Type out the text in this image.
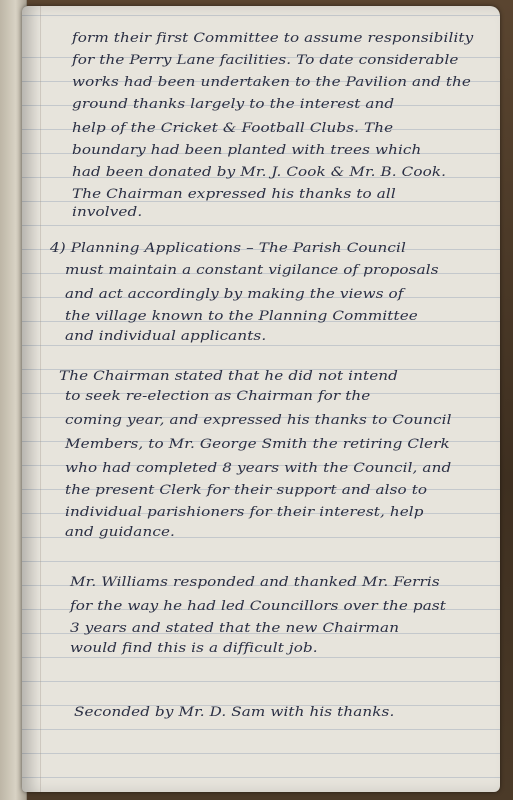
form their first Committee to assume responsibility
for the Perry Lane facilities. To date considerable
works had been undertaken to the Pavilion and the
ground thanks largely to the interest and
help of the Cricket & Football Clubs. The
boundary had been planted with trees which
had been donated by Mr. J. Cook & Mr. B. Cook.
The Chairman expressed his thanks to all
involved.
4) Planning Applications – The Parish Council
must maintain a constant vigilance of proposals
and act accordingly by making the views of
the village known to the Planning Committee
and individual applicants.
The Chairman stated that he did not intend
to seek re-election as Chairman for the
coming year, and expressed his thanks to Council
Members, to Mr. George Smith the retiring Clerk
who had completed 8 years with the Council, and
the present Clerk for their support and also to
individual parishioners for their interest, help
and guidance.
Mr. Williams responded and thanked Mr. Ferris
for the way he had led Councillors over the past
3 years and stated that the new Chairman
would find this is a difficult job.
Seconded by Mr. D. Sam with his thanks.
